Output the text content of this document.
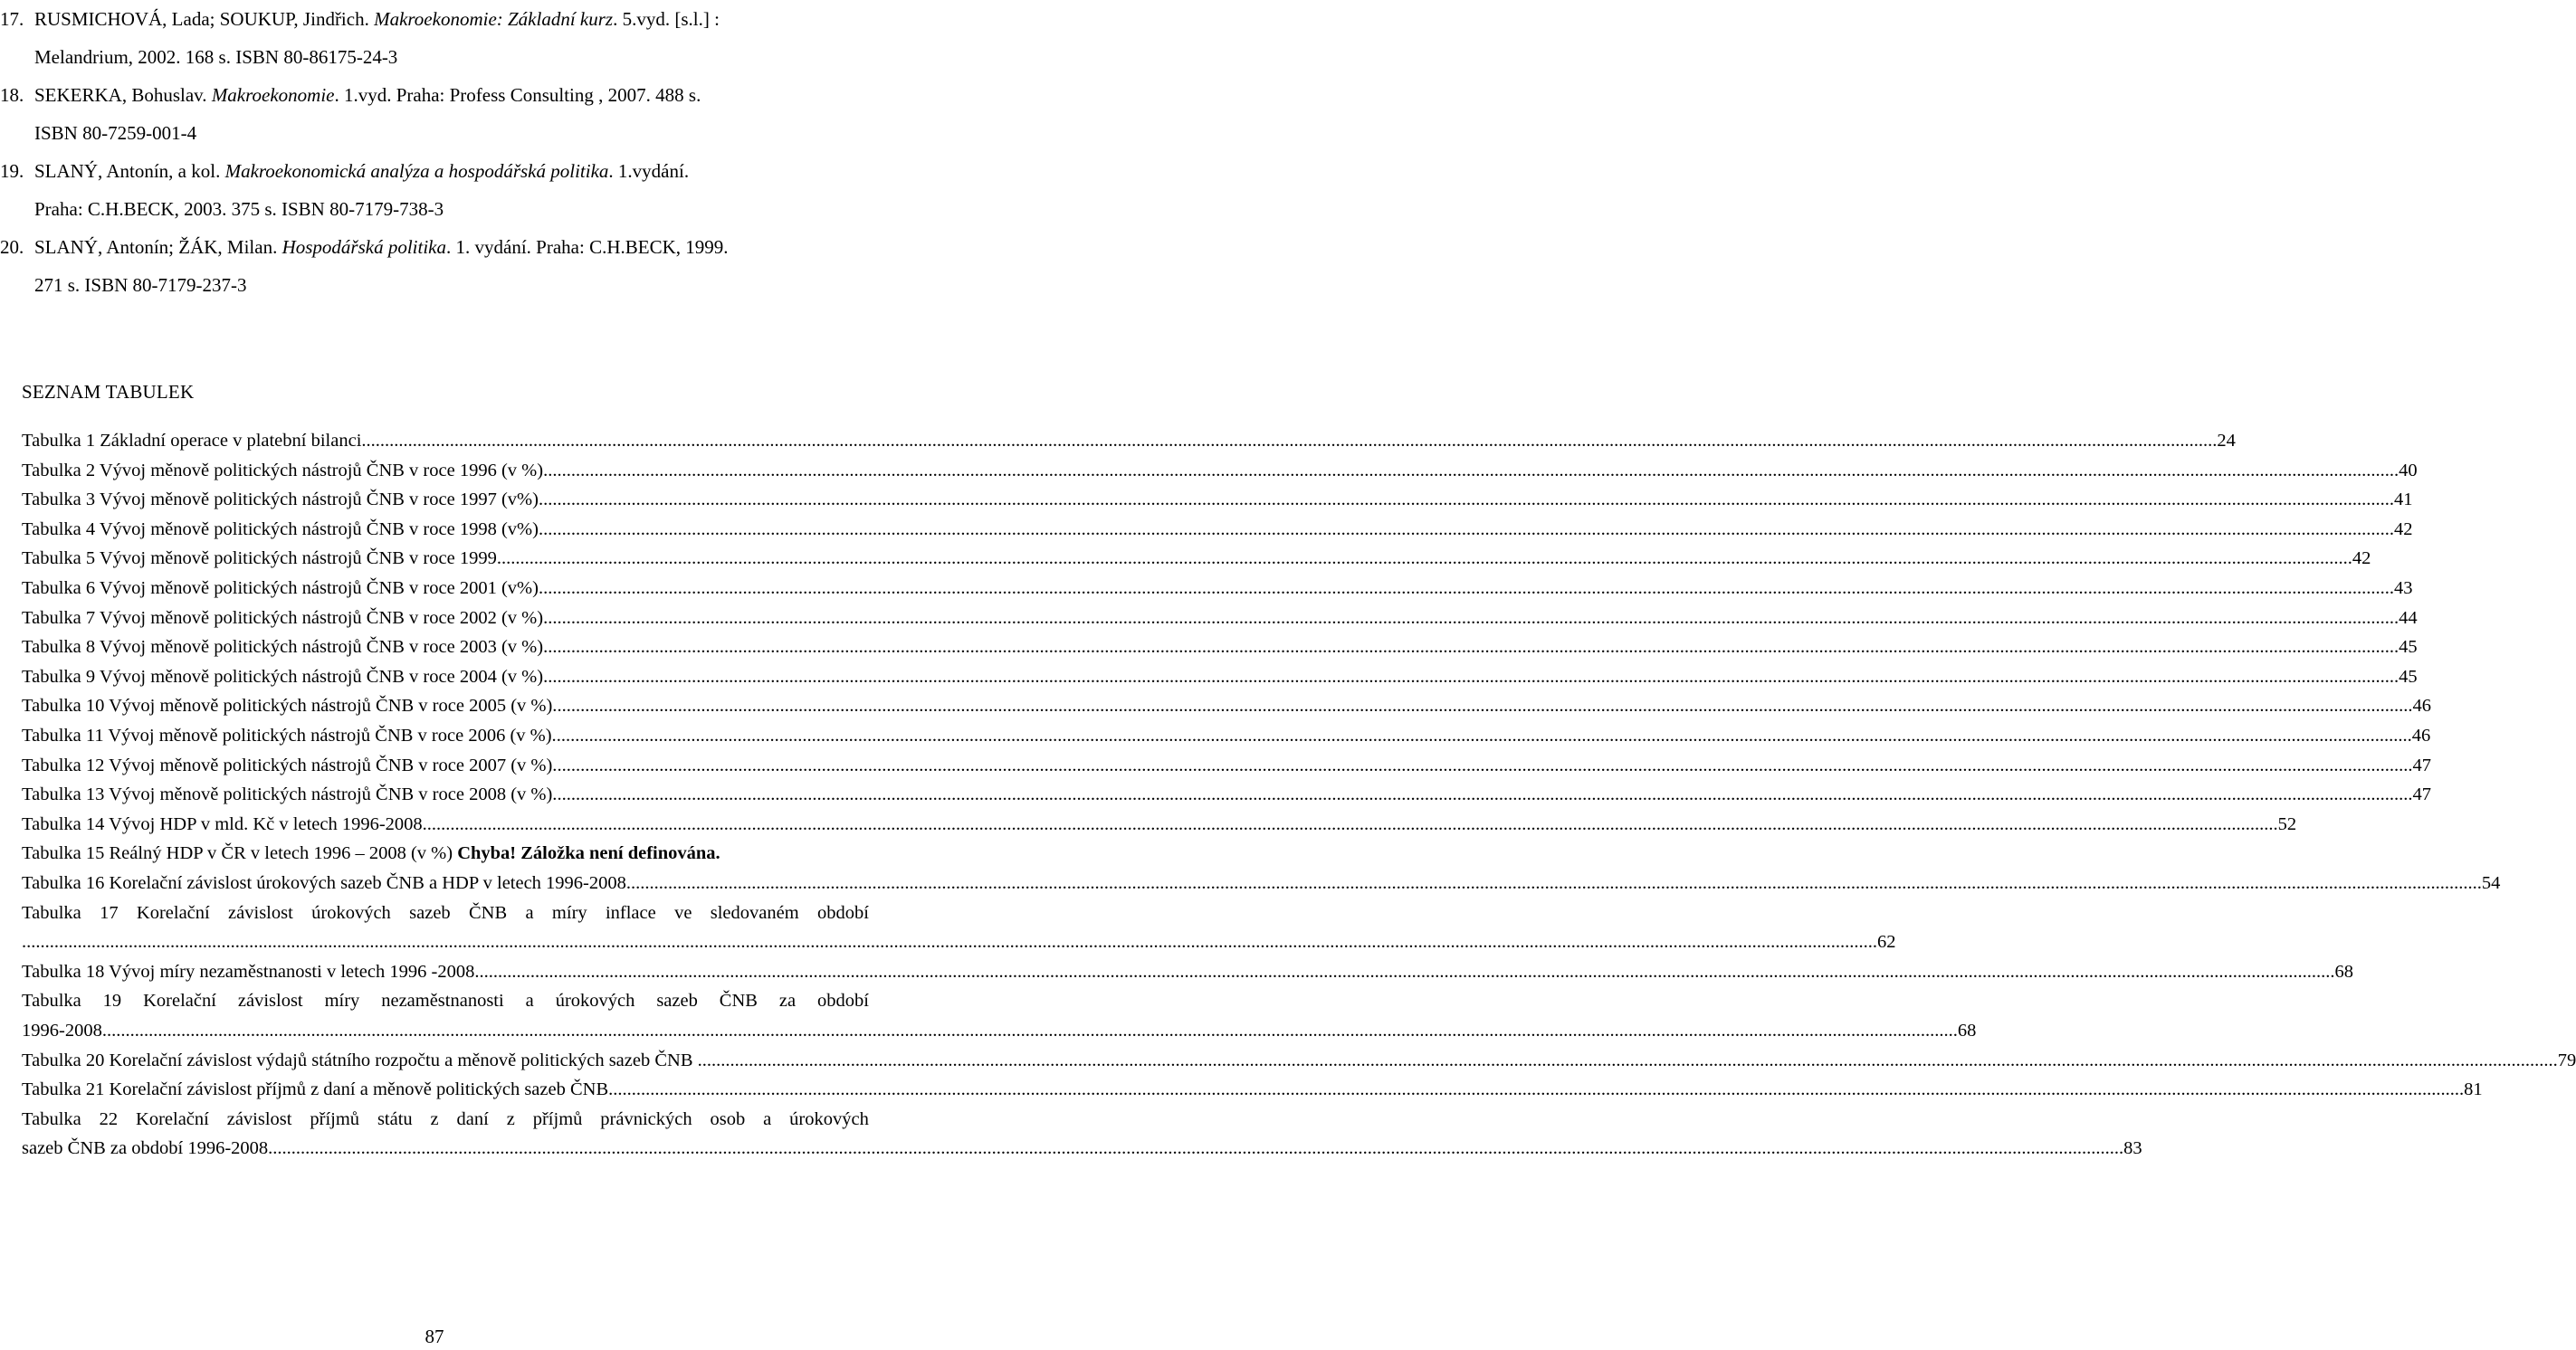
17. RUSMICHOVÁ, Lada; SOUKUP, Jindřich. Makroekonomie: Základní kurz. 5.vyd. [s.l.] :
Melandrium, 2002. 168 s. ISBN 80-86175-24-3
18. SEKERKA, Bohuslav. Makroekonomie. 1.vyd. Praha: Profess Consulting , 2007. 488 s.
ISBN 80-7259-001-4
19. SLANÝ, Antonín, a kol. Makroekonomická analýza a hospodářská politika. 1.vydání.
Praha: C.H.BECK, 2003. 375 s. ISBN 80-7179-738-3
20. SLANÝ, Antonín; ŽÁK, Milan. Hospodářská politika. 1. vydání. Praha: C.H.BECK, 1999.
271 s. ISBN 80-7179-237-3
SEZNAM TABULEK
Tabulka 1 Základní operace v platební bilanci ................................................................................................................................................................................................................................................................................................................................................................................................................ 24
Tabulka 2 Vývoj měnově politických nástrojů ČNB v roce 1996 (v %) ................................................................................................................................................................................................................................................................................................................................................................................................................ 40
Tabulka 3 Vývoj měnově politických nástrojů ČNB v roce 1997 (v%) ................................................................................................................................................................................................................................................................................................................................................................................................................ 41
Tabulka 4 Vývoj měnově politických nástrojů ČNB v roce 1998 (v%) ................................................................................................................................................................................................................................................................................................................................................................................................................ 42
Tabulka 5 Vývoj měnově politických nástrojů ČNB v roce 1999 ................................................................................................................................................................................................................................................................................................................................................................................................................ 42
Tabulka 6 Vývoj měnově politických nástrojů ČNB v roce 2001 (v%) ................................................................................................................................................................................................................................................................................................................................................................................................................ 43
Tabulka 7 Vývoj měnově politických nástrojů ČNB v roce 2002 (v %) ................................................................................................................................................................................................................................................................................................................................................................................................................ 44
Tabulka 8 Vývoj měnově politických nástrojů ČNB v roce 2003 (v %) ................................................................................................................................................................................................................................................................................................................................................................................................................ 45
Tabulka 9 Vývoj měnově politických nástrojů ČNB v roce 2004 (v %) ................................................................................................................................................................................................................................................................................................................................................................................................................ 45
Tabulka 10 Vývoj měnově politických nástrojů ČNB v roce 2005 (v %). ................................................................................................................................................................................................................................................................................................................................................................................................................ 46
Tabulka 11 Vývoj měnově politických nástrojů ČNB v roce 2006 (v %). ................................................................................................................................................................................................................................................................................................................................................................................................................ 46
Tabulka 12 Vývoj měnově politických nástrojů ČNB v roce 2007 (v %). ................................................................................................................................................................................................................................................................................................................................................................................................................ 47
Tabulka 13 Vývoj měnově politických nástrojů ČNB v roce 2008 (v %). ................................................................................................................................................................................................................................................................................................................................................................................................................ 47
Tabulka 14 Vývoj HDP v mld. Kč v letech 1996-2008 ................................................................................................................................................................................................................................................................................................................................................................................................................ 52
Tabulka 15 Reálný HDP v ČR v letech 1996 – 2008 (v %)
Chyba! Záložka není definována.
Tabulka 16 Korelační závislost úrokových sazeb ČNB a HDP v letech 1996-2008 ................................................................................................................................................................................................................................................................................................................................................................................................................ 54
Tabulka 17 Korelační závislost úrokových sazeb ČNB a míry inflace ve sledovaném období
................................................................................................................................................................................................................................................................................................................................................................................................................ 62
Tabulka 18 Vývoj míry nezaměstnanosti v letech 1996 -2008. ................................................................................................................................................................................................................................................................................................................................................................................................................ 68
Tabulka 19 Korelační závislost míry nezaměstnanosti a úrokových sazeb ČNB za období
1996-2008 ................................................................................................................................................................................................................................................................................................................................................................................................................ 68
Tabulka 20 Korelační závislost výdajů státního rozpočtu a měnově politických sazeb ČNB . ................................................................................................................................................................................................................................................................................................................................................................................................................ 79
Tabulka 21 Korelační závislost příjmů z daní a měnově politických sazeb ČNB ................................................................................................................................................................................................................................................................................................................................................................................................................ 81
Tabulka 22 Korelační závislost příjmů státu z daní z příjmů právnických osob a úrokových
sazeb ČNB za období 1996-2008 ................................................................................................................................................................................................................................................................................................................................................................................................................ 83
87
